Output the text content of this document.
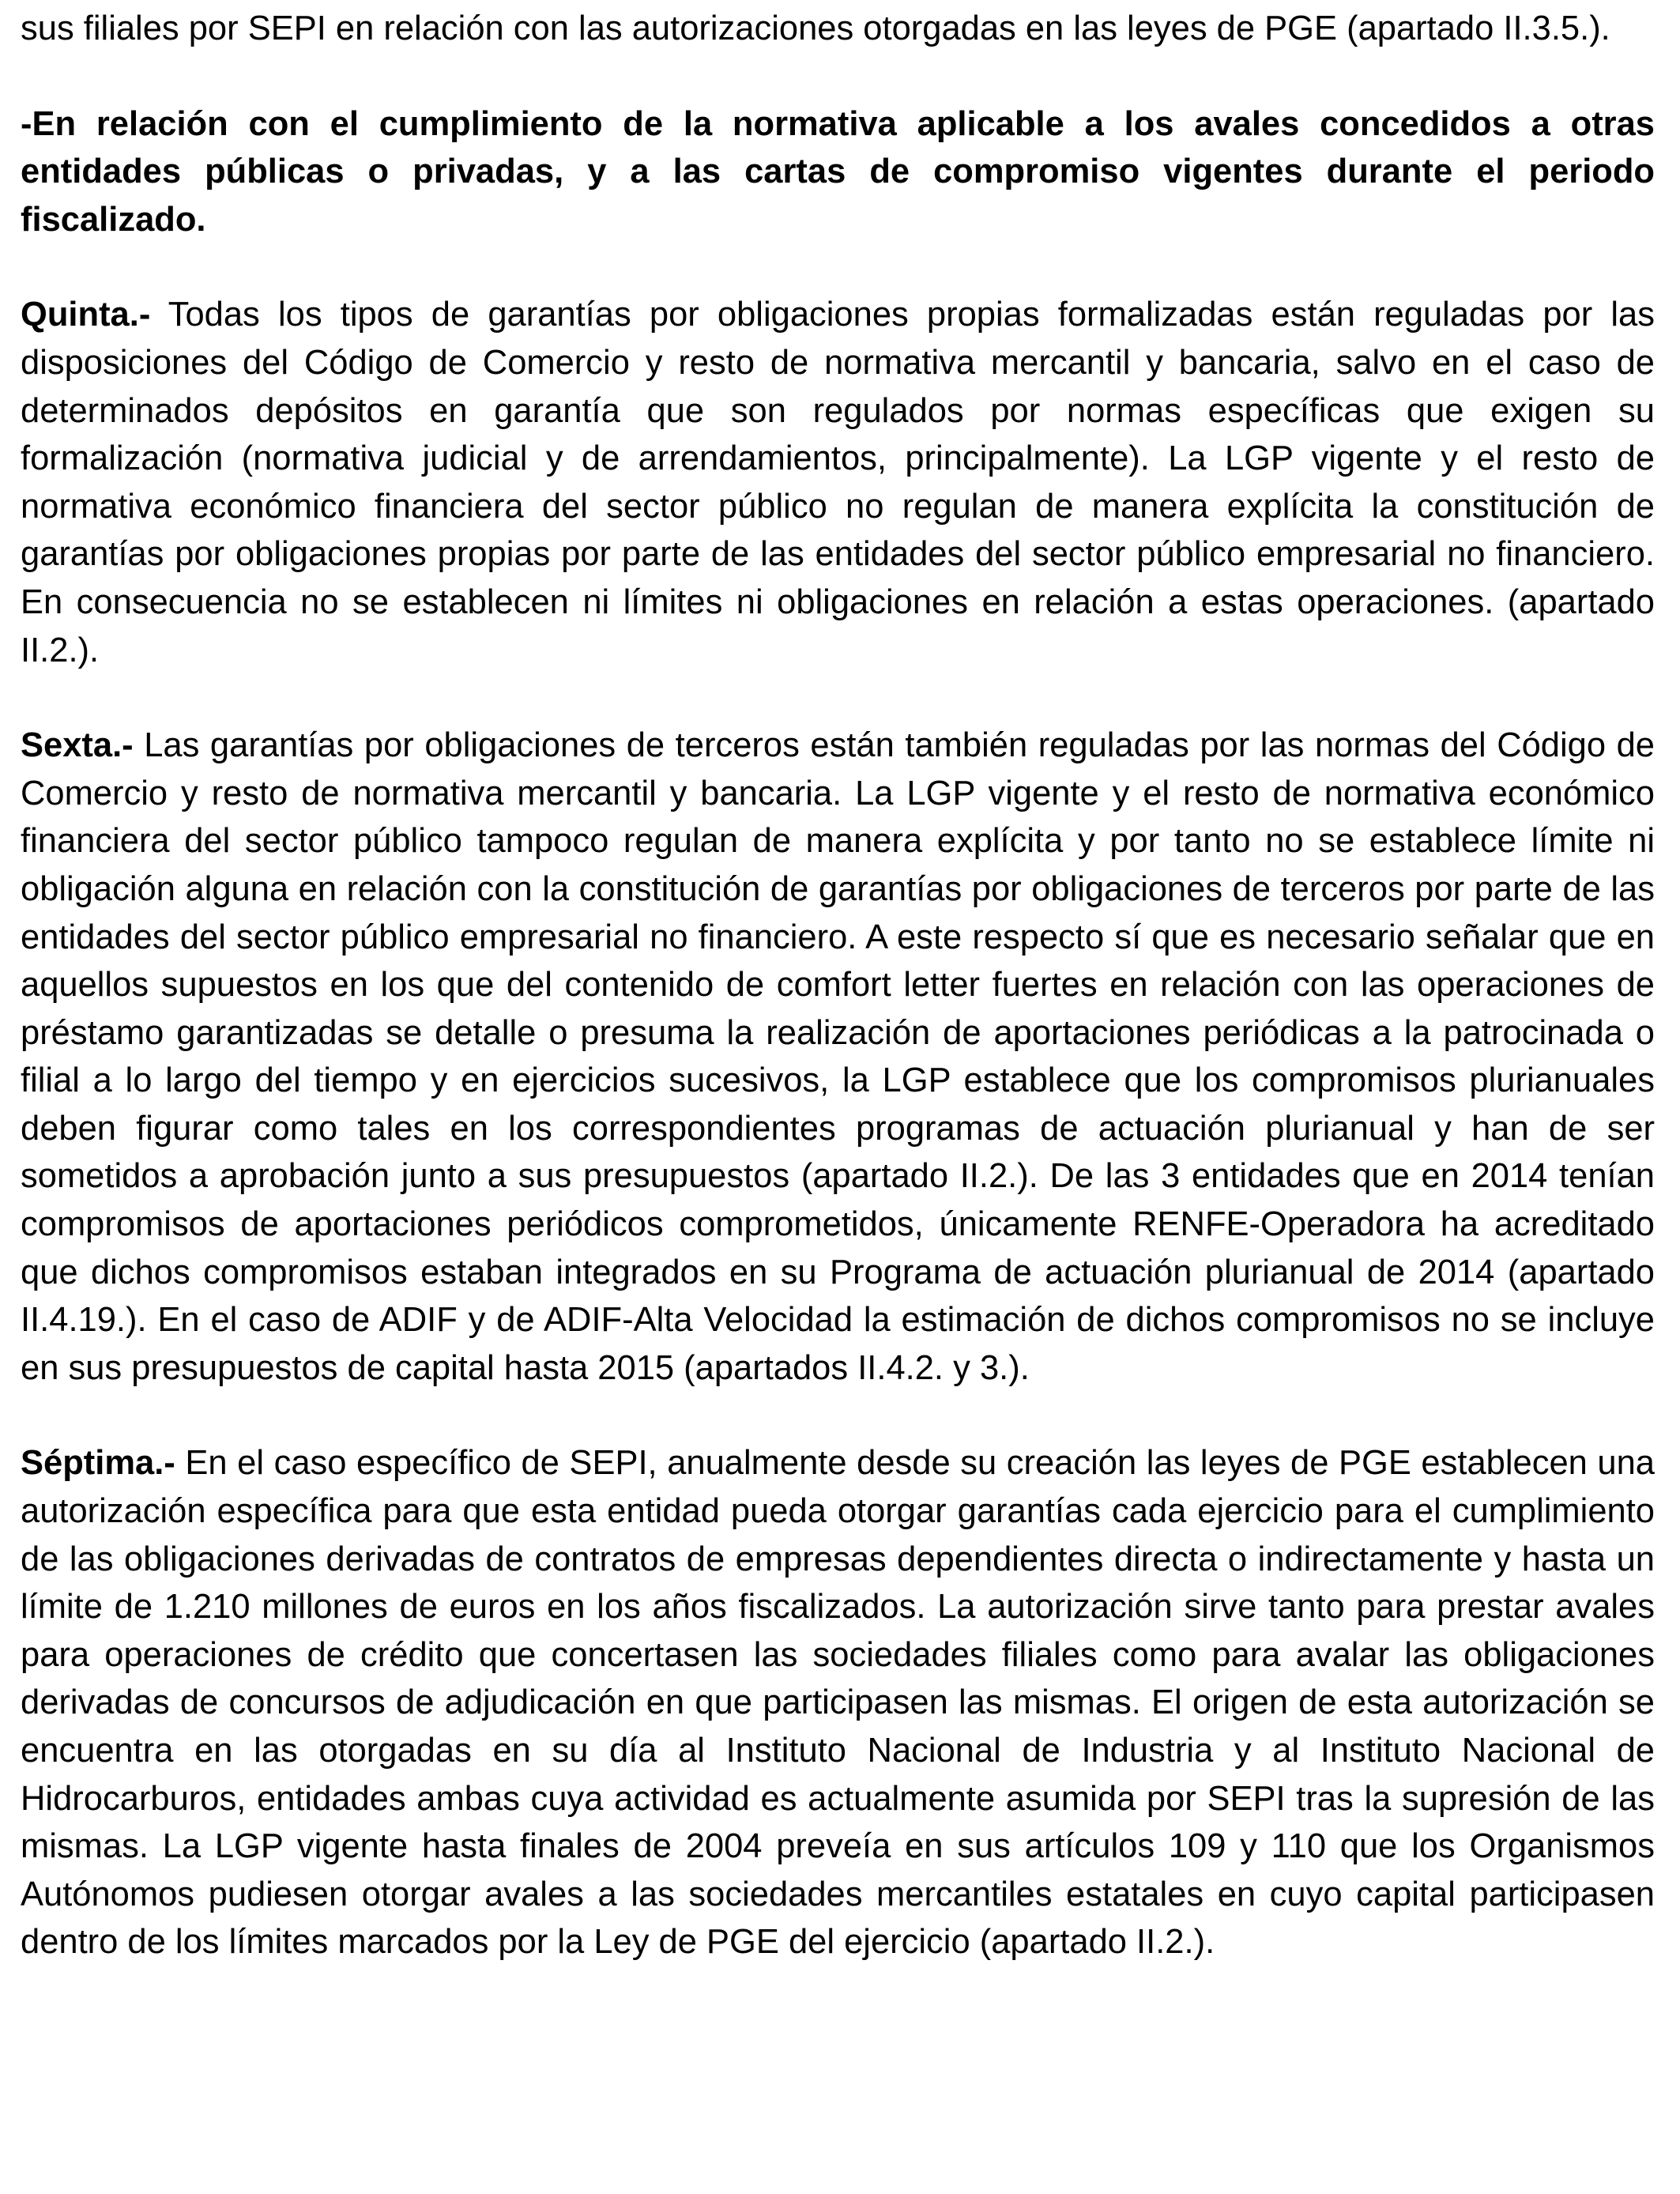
sus filiales por SEPI en relación con las autorizaciones otorgadas en las leyes de PGE (apartado II.3.5.).

-En relación con el cumplimiento de la normativa aplicable a los avales concedidos a otras entidades públicas o privadas, y a las cartas de compromiso vigentes durante el periodo fiscalizado.

Quinta.- Todas los tipos de garantías por obligaciones propias formalizadas están reguladas por las disposiciones del Código de Comercio y resto de normativa mercantil y bancaria, salvo en el caso de determinados depósitos en garantía que son regulados por normas específicas que exigen su formalización (normativa judicial y de arrendamientos, principalmente). La LGP vigente y el resto de normativa económico financiera del sector público no regulan de manera explícita la constitución de garantías por obligaciones propias por parte de las entidades del sector público empresarial no financiero. En consecuencia no se establecen ni límites ni obligaciones en relación a estas operaciones. (apartado II.2.).

Sexta.- Las garantías por obligaciones de terceros están también reguladas por las normas del Código de Comercio y resto de normativa mercantil y bancaria. La LGP vigente y el resto de normativa económico financiera del sector público tampoco regulan de manera explícita y por tanto no se establece límite ni obligación alguna en relación con la constitución de garantías por obligaciones de terceros por parte de las entidades del sector público empresarial no financiero. A este respecto sí que es necesario señalar que en aquellos supuestos en los que del contenido de comfort letter fuertes en relación con las operaciones de préstamo garantizadas se detalle o presuma la realización de aportaciones periódicas a la patrocinada o filial a lo largo del tiempo y en ejercicios sucesivos, la LGP establece que los compromisos plurianuales deben figurar como tales en los correspondientes programas de actuación plurianual y han de ser sometidos a aprobación junto a sus presupuestos (apartado II.2.). De las 3 entidades que en 2014 tenían compromisos de aportaciones periódicos comprometidos, únicamente RENFE-Operadora ha acreditado que dichos compromisos estaban integrados en su Programa de actuación plurianual de 2014 (apartado II.4.19.). En el caso de ADIF y de ADIF-Alta Velocidad la estimación de dichos compromisos no se incluye en sus presupuestos de capital hasta 2015 (apartados II.4.2. y 3.).

Séptima.- En el caso específico de SEPI, anualmente desde su creación las leyes de PGE establecen una autorización específica para que esta entidad pueda otorgar garantías cada ejercicio para el cumplimiento de las obligaciones derivadas de contratos de empresas dependientes directa o indirectamente y hasta un límite de 1.210 millones de euros en los años fiscalizados. La autorización sirve tanto para prestar avales para operaciones de crédito que concertasen las sociedades filiales como para avalar las obligaciones derivadas de concursos de adjudicación en que participasen las mismas. El origen de esta autorización se encuentra en las otorgadas en su día al Instituto Nacional de Industria y al Instituto Nacional de Hidrocarburos, entidades ambas cuya actividad es actualmente asumida por SEPI tras la supresión de las mismas. La LGP vigente hasta finales de 2004 preveía en sus artículos 109 y 110 que los Organismos Autónomos pudiesen otorgar avales a las sociedades mercantiles estatales en cuyo capital participasen dentro de los límites marcados por la Ley de PGE del ejercicio (apartado II.2.).
